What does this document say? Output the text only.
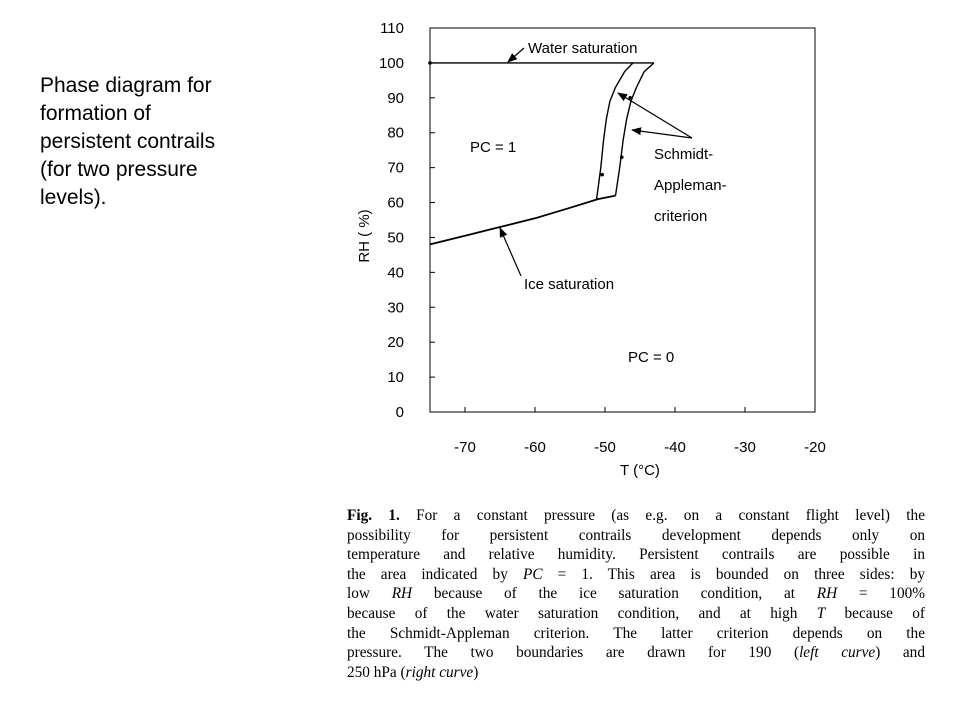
Phase diagram for
formation of
persistent contrails
(for two pressure
levels).
0
10
20
30
40
50
60
70
80
90
100
110
-70	-60	-50	-40	-30	-20
T (°C)
RH ( %)
Water saturation
Ice saturation
Schmidt-
Appleman-
criterion
PC = 1
PC = 0
Fig. 1. For a constant pressure (as e.g. on a constant flight level) the
possibility for persistent contrails development depends only on
temperature and relative humidity. Persistent contrails are possible in
the area indicated by PC = 1. This area is bounded on three sides: by
low RH because of the ice saturation condition, at RH = 100%
because of the water saturation condition, and at high T because of
the Schmidt-Appleman criterion. The latter criterion depends on the
pressure. The two boundaries are drawn for 190 (left curve) and
250 hPa (right curve)
